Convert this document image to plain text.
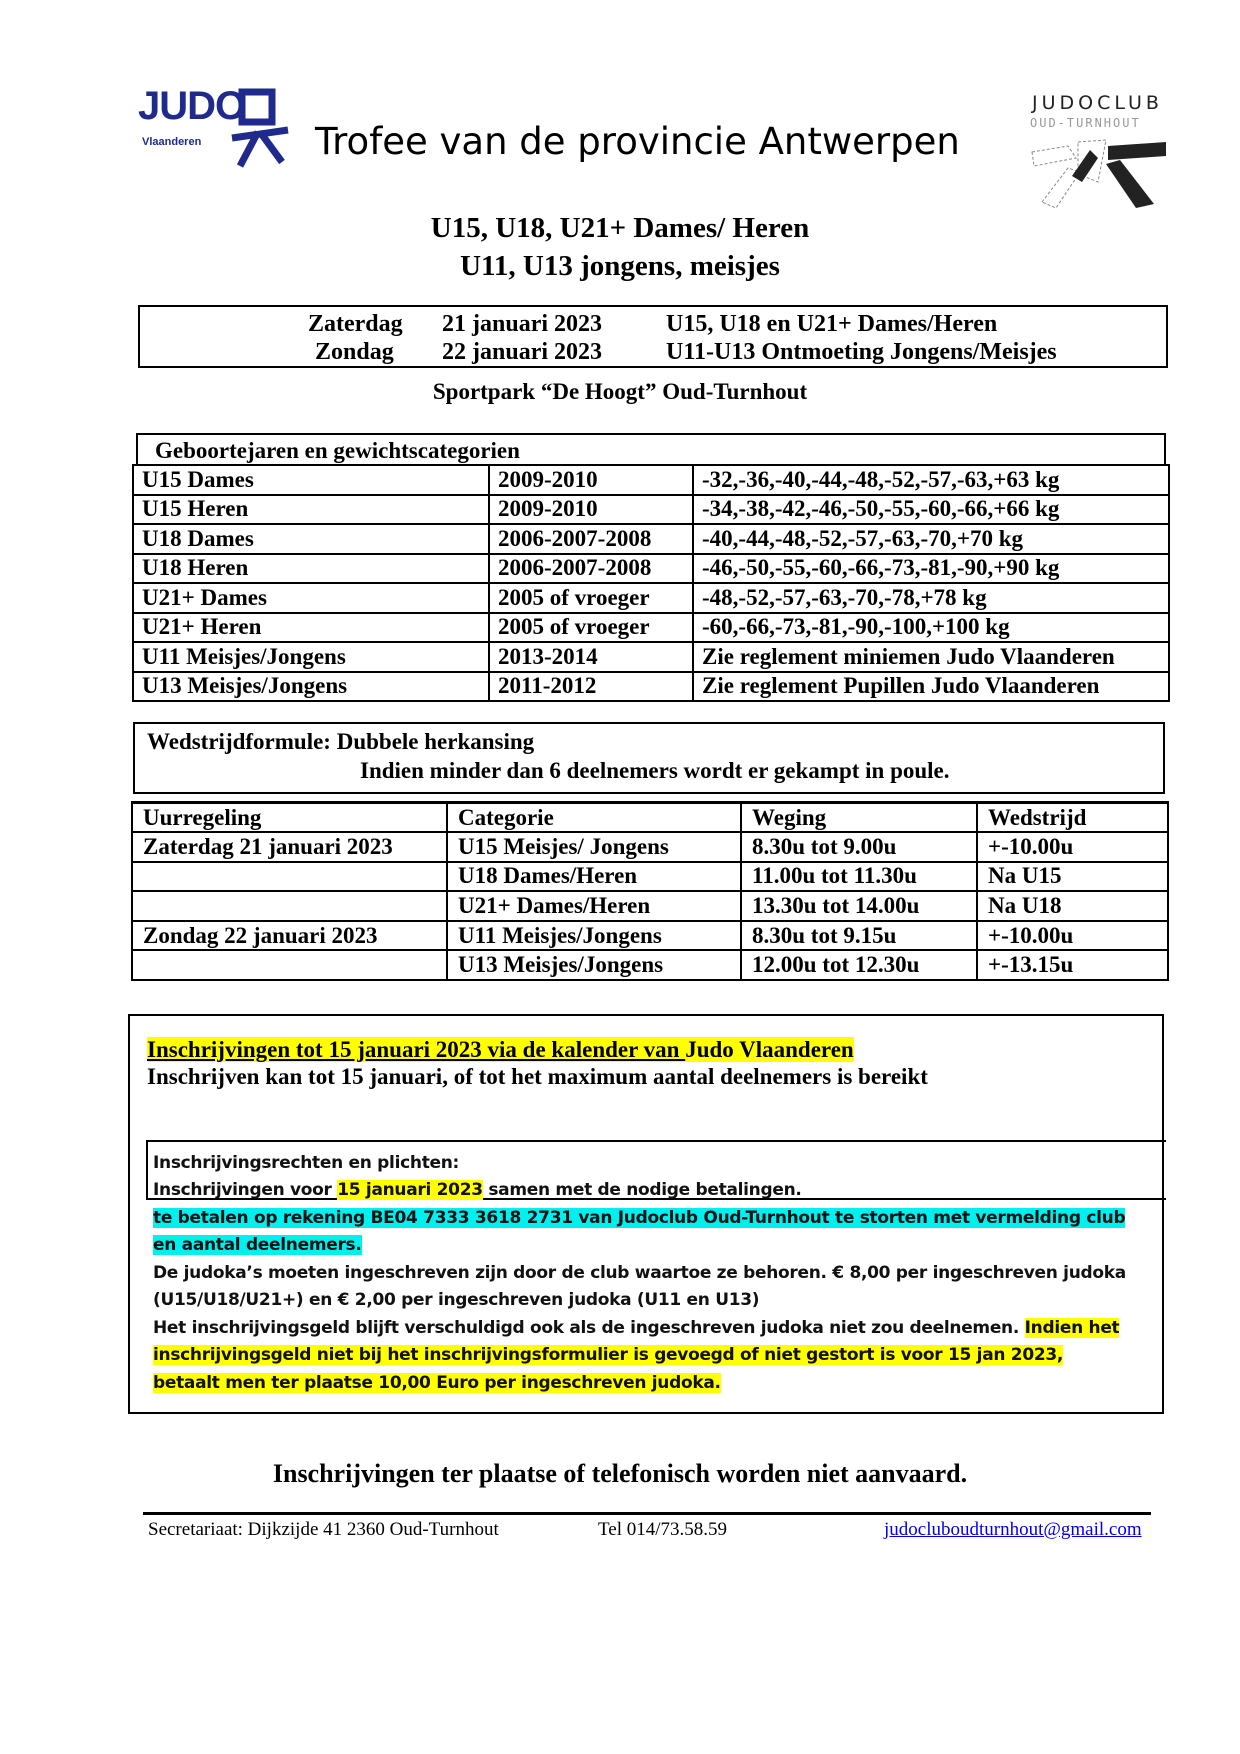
JUDO
Vlaanderen	Trofee van de provincie Antwerpen
JUDOCLUB
OUD-TURNHOUT
U15, U18, U21+ Dames/ Heren
U11, U13 jongens, meisjes
Zaterdag 21 januari 2023	U15, U18 en U21+ Dames/Heren
Zondag 22 januari 2023	U11-U13 Ontmoeting Jongens/Meisjes
Sportpark “De Hoogt” Oud-Turnhout
Geboortejaren en gewichtscategorien
U15 Dames	2009-2010	-32,-36,-40,-44,-48,-52,-57,-63,+63 kg
U15 Heren	2009-2010	-34,-38,-42,-46,-50,-55,-60,-66,+66 kg
U18 Dames	2006-2007-2008	-40,-44,-48,-52,-57,-63,-70,+70 kg
U18 Heren	2006-2007-2008	-46,-50,-55,-60,-66,-73,-81,-90,+90 kg
U21+ Dames	2005 of vroeger	-48,-52,-57,-63,-70,-78,+78 kg
U21+ Heren	2005 of vroeger	-60,-66,-73,-81,-90,-100,+100 kg
U11 Meisjes/Jongens	2013-2014	Zie reglement miniemen Judo Vlaanderen
U13 Meisjes/Jongens	2011-2012	Zie reglement Pupillen Judo Vlaanderen
Wedstrijdformule: Dubbele herkansing
Indien minder dan 6 deelnemers wordt er gekampt in poule.
Uurregeling	Categorie	Weging	Wedstrijd
Zaterdag 21 januari 2023	U15 Meisjes/ Jongens	8.30u tot 9.00u	+-10.00u
	U18 Dames/Heren	11.00u tot 11.30u	Na U15
	U21+ Dames/Heren	13.30u tot 14.00u	Na U18
Zondag 22 januari 2023	U11 Meisjes/Jongens	8.30u tot 9.15u	+-10.00u
	U13 Meisjes/Jongens	12.00u tot 12.30u	+-13.15u
Inschrijvingen tot 15 januari 2023 via de kalender van Judo Vlaanderen
Inschrijven kan tot 15 januari, of tot het maximum aantal deelnemers is bereikt
Inschrijvingsrechten en plichten:
Inschrijvingen voor 15 januari 2023 samen met de nodige betalingen.
te betalen op rekening BE04 7333 3618 2731 van Judoclub Oud-Turnhout te storten met vermelding club
en aantal deelnemers.
De judoka’s moeten ingeschreven zijn door de club waartoe ze behoren. € 8,00 per ingeschreven judoka
(U15/U18/U21+) en € 2,00 per ingeschreven judoka (U11 en U13)
Het inschrijvingsgeld blijft verschuldigd ook als de ingeschreven judoka niet zou deelnemen. Indien het
inschrijvingsgeld niet bij het inschrijvingsformulier is gevoegd of niet gestort is voor 15 jan 2023,
betaalt men ter plaatse 10,00 Euro per ingeschreven judoka.
Inschrijvingen ter plaatse of telefonisch worden niet aanvaard.
Secretariaat: Dijkzijde 41 2360 Oud-Turnhout	Tel 014/73.58.59	judocluboudturnhout@gmail.com
